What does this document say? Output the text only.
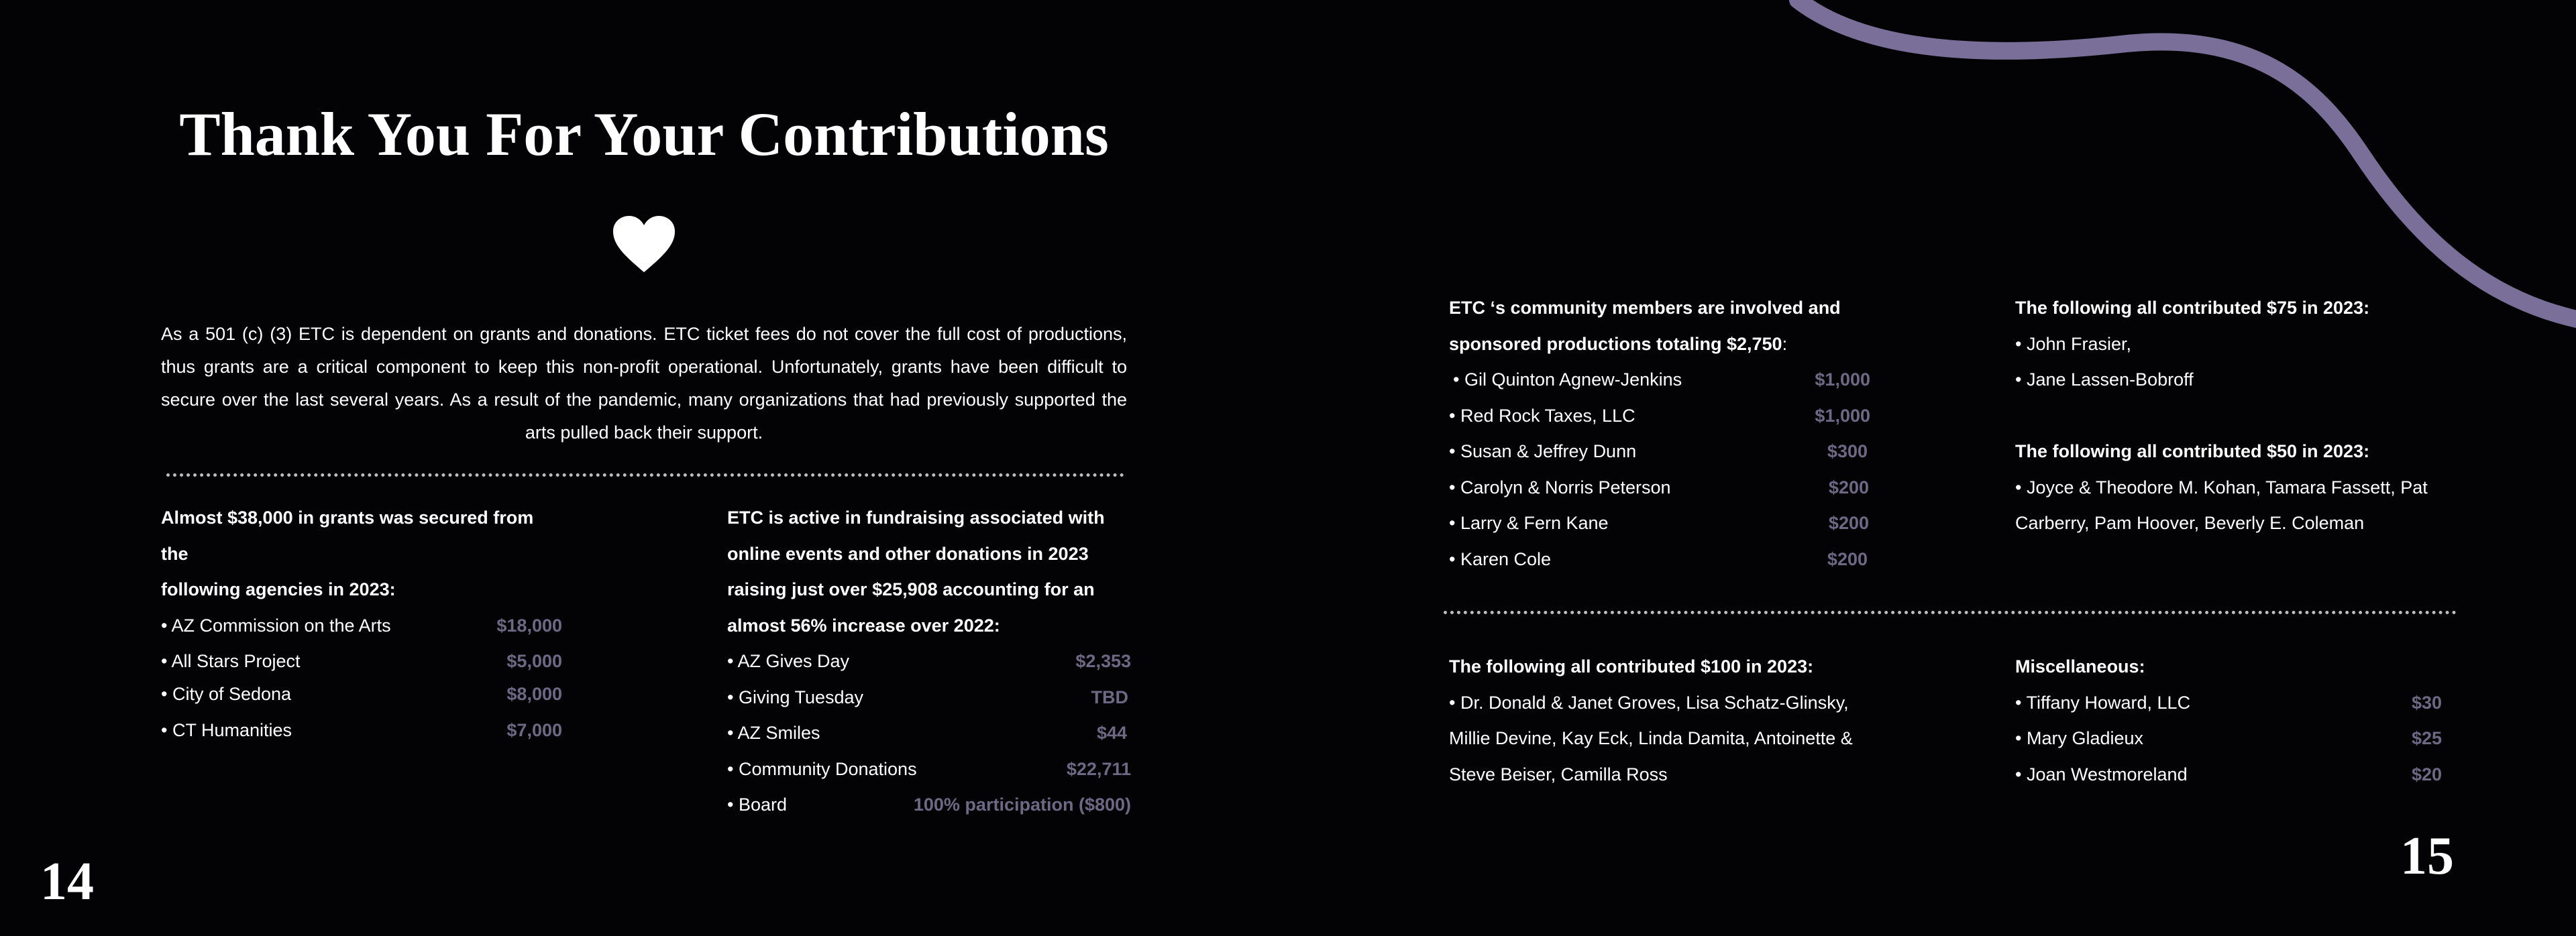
Thank You For Your Contributions
As a 501 (c) (3) ETC is dependent on grants and donations. ETC ticket fees do not cover the full cost of productions, thus grants are a critical component to keep this non-profit operational. Unfortunately, grants have been difficult to secure over the last several years. As a result of the pandemic, many organizations that had previously supported the arts pulled back their support.
Almost $38,000 in grants was secured from the
following agencies in 2023:
• AZ Commission on the Arts	$18,000
• All Stars Project	$5,000
• City of Sedona	$8,000
• CT Humanities	$7,000
ETC is active in fundraising associated with
online events and other donations in 2023
raising just over $25,908 accounting for an
almost 56% increase over 2022:
• AZ Gives Day	$2,353
• Giving Tuesday	TBD
• AZ Smiles	$44
• Community Donations	$22,711
• Board	100% participation ($800)
14
ETC ‘s community members are involved and
sponsored productions totaling $2,750:
• Gil Quinton Agnew-Jenkins	$1,000
• Red Rock Taxes, LLC	$1,000
• Susan & Jeffrey Dunn	$300
• Carolyn & Norris Peterson	$200
• Larry & Fern Kane	$200
• Karen Cole	$200
The following all contributed $75 in 2023:
• John Frasier,
• Jane Lassen-Bobroff
The following all contributed $50 in 2023:
• Joyce & Theodore M. Kohan, Tamara Fassett, Pat
Carberry, Pam Hoover, Beverly E. Coleman
The following all contributed $100 in 2023:
• Dr. Donald & Janet Groves, Lisa Schatz-Glinsky,
Millie Devine, Kay Eck, Linda Damita, Antoinette &
Steve Beiser, Camilla Ross
Miscellaneous:
• Tiffany Howard, LLC	$30
• Mary Gladieux	$25
• Joan Westmoreland	$20
15
